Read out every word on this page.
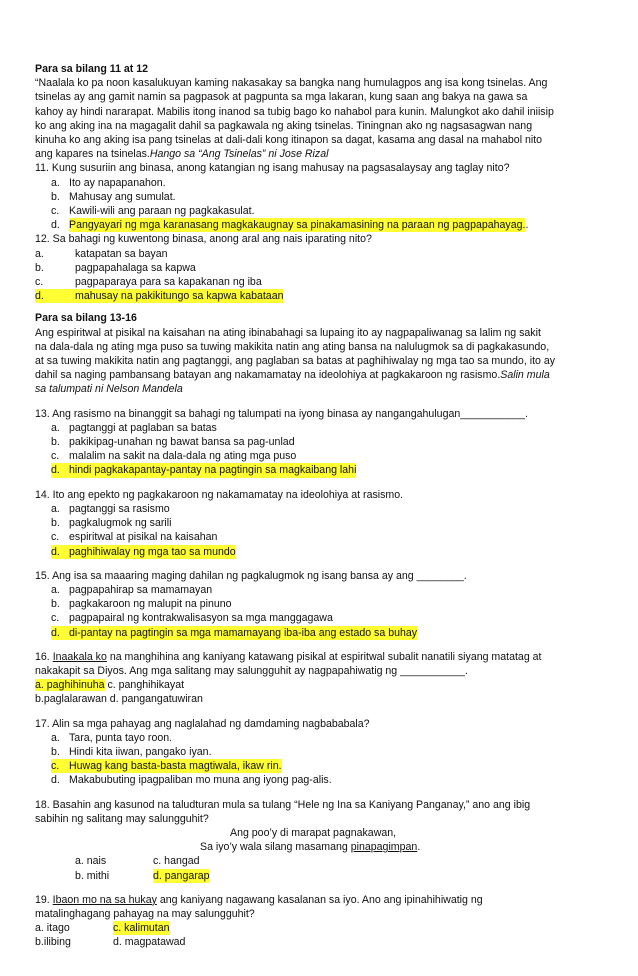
Para sa bilang 11 at 12
“Naalala ko pa noon kasalukuyan kaming nakasakay sa bangka nang humulagpos ang isa kong tsinelas. Ang
tsinelas ay ang gamit namin sa pagpasok at pagpunta sa mga lakaran, kung saan ang bakya na gawa sa
kahoy ay hindi nararapat. Mabilis itong inanod sa tubig bago ko nahabol para kunin. Malungkot ako dahil iniisip
ko ang aking ina na magagalit dahil sa pagkawala ng aking tsinelas. Tiningnan ako ng nagsasagwan nang
kinuha ko ang aking isa pang tsinelas at dali-dali kong itinapon sa dagat, kasama ang dasal na mahabol nito
ang kapares na tsinelas.Hango sa “Ang Tsinelas” ni Jose Rizal
11. Kung susuriin ang binasa, anong katangian ng isang mahusay na pagsasalaysay ang taglay nito?
a. Ito ay napapanahon.
b. Mahusay ang sumulat.
c. Kawili-wili ang paraan ng pagkakasulat.
d. Pangyayari ng mga karanasang magkakaugnay sa pinakamasining na paraan ng pagpapahayag. .
12. Sa bahagi ng kuwentong binasa, anong aral ang nais iparating nito?
a.	katapatan sa bayan
b.	pagpapahalaga sa kapwa
c.	pagpaparaya para sa kapakanan ng iba
d.	mahusay na pakikitungo sa kapwa kabataan
Para sa bilang 13-16
Ang espiritwal at pisikal na kaisahan na ating ibinabahagi sa lupaing ito ay nagpapaliwanag sa lalim ng sakit
na dala-dala ng ating mga puso sa tuwing makikita natin ang ating bansa na nalulugmok sa di pagkakasundo,
at sa tuwing makikita natin ang pagtanggi, ang paglaban sa batas at paghihiwalay ng mga tao sa mundo, ito ay
dahil sa naging pambansang batayan ang nakamamatay na ideolohiya at pagkakaroon ng rasismo.Salin mula
sa talumpati ni Nelson Mandela
13. Ang rasismo na binanggit sa bahagi ng talumpati na iyong binasa ay nangangahulugan___________.
a. pagtanggi at paglaban sa batas
b. pakikipag-unahan ng bawat bansa sa pag-unlad
c. malalim na sakit na dala-dala ng ating mga puso
d. hindi pagkakapantay-pantay na pagtingin sa magkaibang lahi
14. Ito ang epekto ng pagkakaroon ng nakamamatay na ideolohiya at rasismo.
a. pagtanggi sa rasismo
b. pagkalugmok ng sarili
c. espiritwal at pisikal na kaisahan
d. paghihiwalay ng mga tao sa mundo
15. Ang isa sa maaaring maging dahilan ng pagkalugmok ng isang bansa ay ang ________.
a. pagpapahirap sa mamamayan
b. pagkakaroon ng malupit na pinuno
c. pagpapairal ng kontrakwalisasyon sa mga manggagawa
d. di-pantay na pagtingin sa mga mamamayang iba-iba ang estado sa buhay
16. Inaakala ko na manghihina ang kaniyang katawang pisikal at espiritwal subalit nanatili siyang matatag at
nakakapit sa Diyos. Ang mga salitang may salungguhit ay nagpapahiwatig ng ___________.
a. paghihinuha c. panghihikayat
b.paglalarawan d. pangangatuwiran
17. Alin sa mga pahayag ang naglalahad ng damdaming nagbababala?
a. Tara, punta tayo roon.
b. Hindi kita iiwan, pangako iyan.
c. Huwag kang basta-basta magtiwala, ikaw rin.
d. Makabubuting ipagpaliban mo muna ang iyong pag-alis.
18. Basahin ang kasunod na taludturan mula sa tulang “Hele ng Ina sa Kaniyang Panganay,” ano ang ibig
sabihin ng salitang may salungguhit?
Ang poo’y di marapat pagnakawan,
Sa iyo’y wala silang masamang pinapagimpan.
a. nais	c. hangad
b. mithi	d. pangarap
19. Ibaon mo na sa hukay ang kaniyang nagawang kasalanan sa iyo. Ano ang ipinahihiwatig ng
matalinghagang pahayag na may salungguhit?
a. itago	c. kalimutan
b.ilibing	d. magpatawad
